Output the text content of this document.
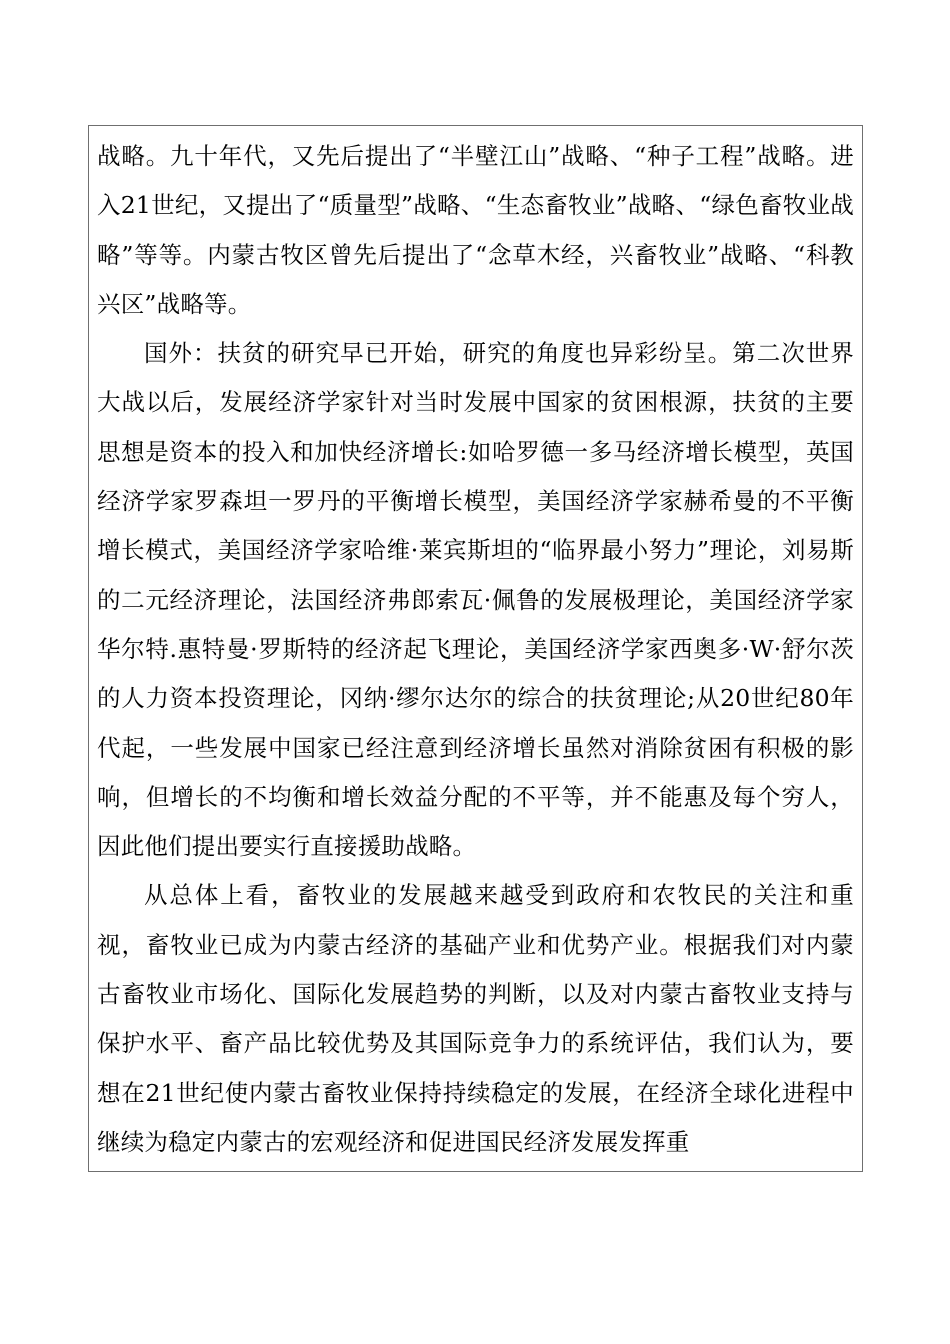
战略。九十年代，又先后提出了“半壁江山”战略、“种子工程”战略。进入21世纪，又提出了“质量型”战略、“生态畜牧业”战略、“绿色畜牧业战略”等等。内蒙古牧区曾先后提出了“念草木经，兴畜牧业”战略、“科教兴区”战略等。

国外：扶贫的研究早已开始，研究的角度也异彩纷呈。第二次世界大战以后，发展经济学家针对当时发展中国家的贫困根源，扶贫的主要思想是资本的投入和加快经济增长:如哈罗德一多马经济增长模型，英国经济学家罗森坦一罗丹的平衡增长模型，美国经济学家赫希曼的不平衡增长模式，美国经济学家哈维·莱宾斯坦的“临界最小努力”理论，刘易斯的二元经济理论，法国经济弗郎索瓦·佩鲁的发展极理论，美国经济学家华尔特.惠特曼·罗斯特的经济起飞理论，美国经济学家西奥多·W·舒尔茨的人力资本投资理论，冈纳·缪尔达尔的综合的扶贫理论;从20世纪80年代起，一些发展中国家已经注意到经济增长虽然对消除贫困有积极的影响，但增长的不均衡和增长效益分配的不平等，并不能惠及每个穷人，因此他们提出要实行直接援助战略。

从总体上看，畜牧业的发展越来越受到政府和农牧民的关注和重视，畜牧业已成为内蒙古经济的基础产业和优势产业。根据我们对内蒙古畜牧业市场化、国际化发展趋势的判断，以及对内蒙古畜牧业支持与保护水平、畜产品比较优势及其国际竞争力的系统评估，我们认为，要想在21世纪使内蒙古畜牧业保持持续稳定的发展，在经济全球化进程中继续为稳定内蒙古的宏观经济和促进国民经济发展发挥重
